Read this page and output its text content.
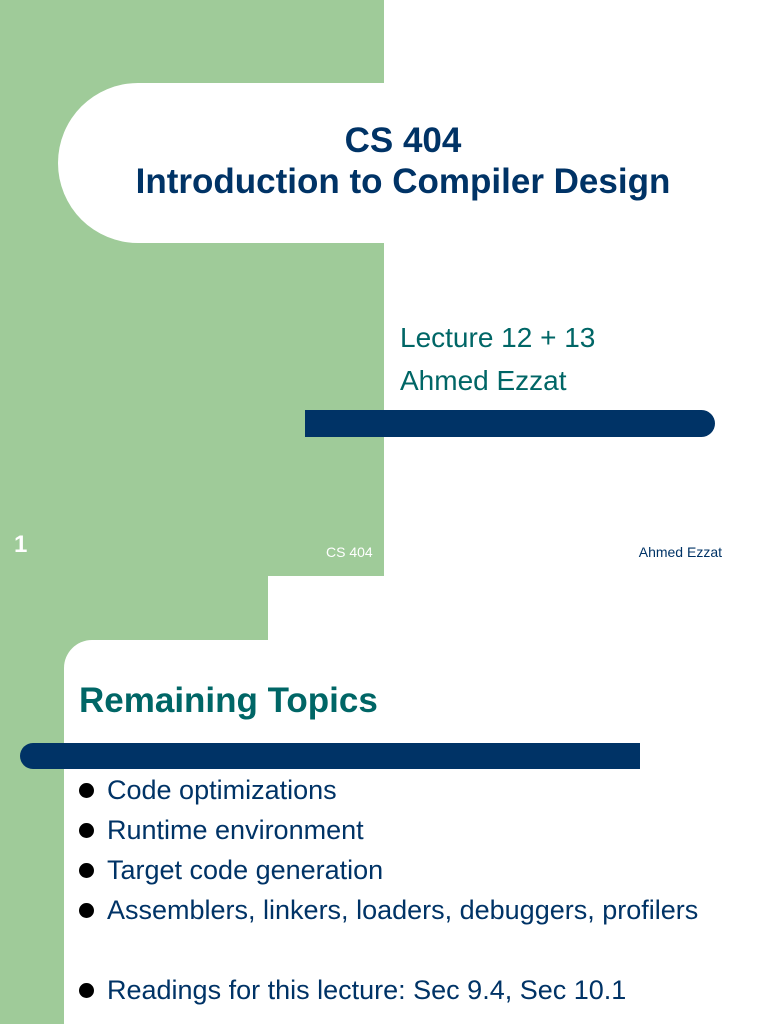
CS 404
Introduction to Compiler Design
Lecture 12 + 13
Ahmed Ezzat
1	CS 404	Ahmed Ezzat
Remaining Topics
Code optimizations
Runtime environment
Target code generation
Assemblers, linkers, loaders, debuggers, profilers
Readings for this lecture: Sec 9.4, Sec 10.1
